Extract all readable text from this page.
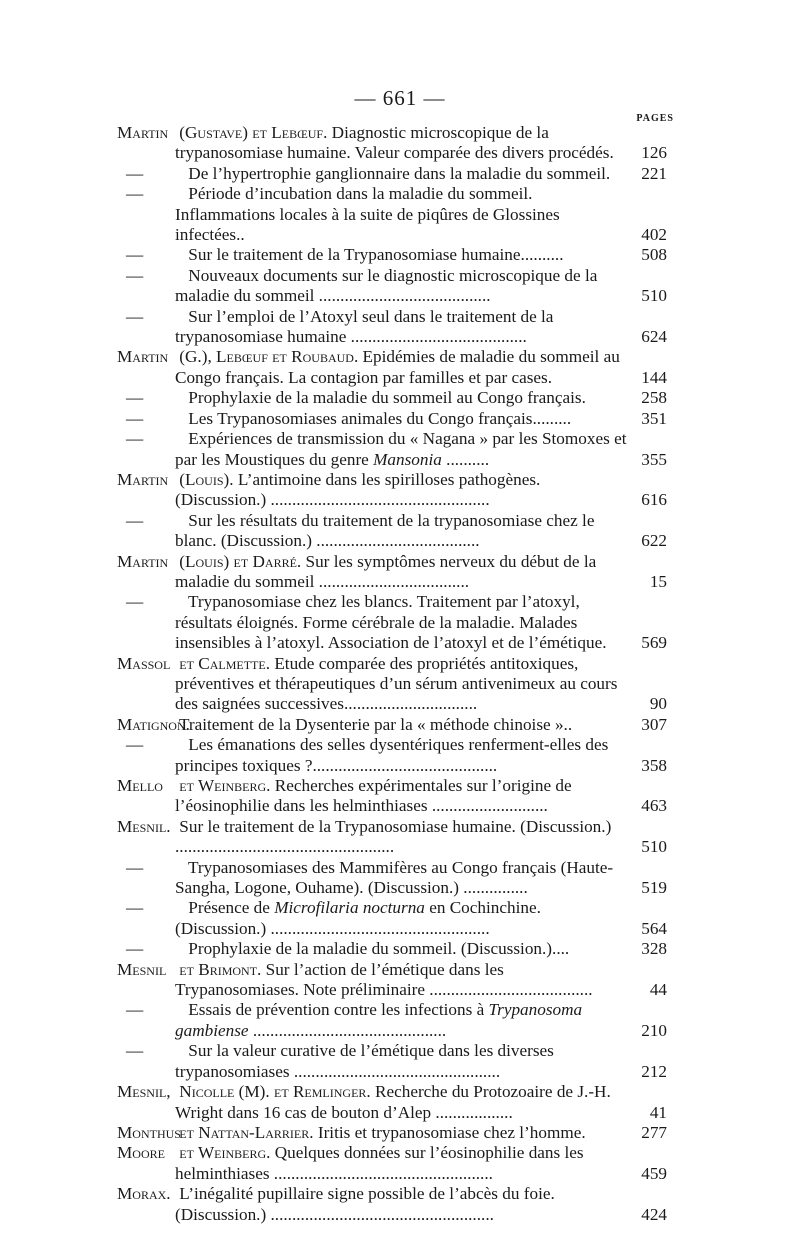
— 661 —
PAGES
Martin (Gustave) et Lebœuf. Diagnostic microscopique de la trypanosomiase humaine. Valeur comparée des divers procédés.	126
—	De l’hypertrophie ganglionnaire dans la maladie du sommeil.	221
—	Période d’incubation dans la maladie du sommeil. Inflammations locales à la suite de piqûres de Glossines infectées..	402
—	Sur le traitement de la Trypanosomiase humaine..........	508
—	Nouveaux documents sur le diagnostic microscopique de la maladie du sommeil ........................................	510
—	Sur l’emploi de l’Atoxyl seul dans le traitement de la trypanosomiase humaine .........................................	624
Martin (G.), Lebœuf et Roubaud. Epidémies de maladie du sommeil au Congo français. La contagion par familles et par cases.	144
—	Prophylaxie de la maladie du sommeil au Congo français.	258
—	Les Trypanosomiases animales du Congo français.........	351
—	Expériences de transmission du « Nagana » par les Stomoxes et par les Moustiques du genre Mansonia ..........	355
Martin (Louis). L’antimoine dans les spirilloses pathogènes. (Discussion.) ...................................................	616
—	Sur les résultats du traitement de la trypanosomiase chez le blanc. (Discussion.) ......................................	622
Martin (Louis) et Darré. Sur les symptômes nerveux du début de la maladie du sommeil ...................................	15
—	Trypanosomiase chez les blancs. Traitement par l’atoxyl, résultats éloignés. Forme cérébrale de la maladie. Malades insensibles à l’atoxyl. Association de l’atoxyl et de l’émétique.	569
Massol et Calmette. Etude comparée des propriétés antitoxiques, préventives et thérapeutiques d’un sérum antivenimeux au cours des saignées successives...............................	90
Matignon. Traitement de la Dysenterie par la « méthode chinoise »..	307
—	Les émanations des selles dysentériques renferment-elles des principes toxiques ?...........................................	358
Mello et Weinberg. Recherches expérimentales sur l’origine de l’éosinophilie dans les helminthiases ...........................	463
Mesnil. Sur le traitement de la Trypanosomiase humaine. (Discussion.) ...................................................	510
—	Trypanosomiases des Mammifères au Congo français (Haute-Sangha, Logone, Ouhame). (Discussion.) ...............	519
—	Présence de Microfilaria nocturna en Cochinchine. (Discussion.) ...................................................	564
—	Prophylaxie de la maladie du sommeil. (Discussion.)....	328
Mesnil et Brimont. Sur l’action de l’émétique dans les Trypanosomiases. Note préliminaire ......................................	44
—	Essais de prévention contre les infections à Trypanosoma gambiense .............................................	210
—	Sur la valeur curative de l’émétique dans les diverses trypanosomiases ................................................	212
Mesnil, Nicolle (M). et Remlinger. Recherche du Protozoaire de J.-H. Wright dans 16 cas de bouton d’Alep ..................	41
Monthus et Nattan-Larrier. Iritis et trypanosomiase chez l’homme.	277
Moore et Weinberg. Quelques données sur l’éosinophilie dans les helminthiases ...................................................	459
Morax. L’inégalité pupillaire signe possible de l’abcès du foie. (Discussion.) ....................................................	424
